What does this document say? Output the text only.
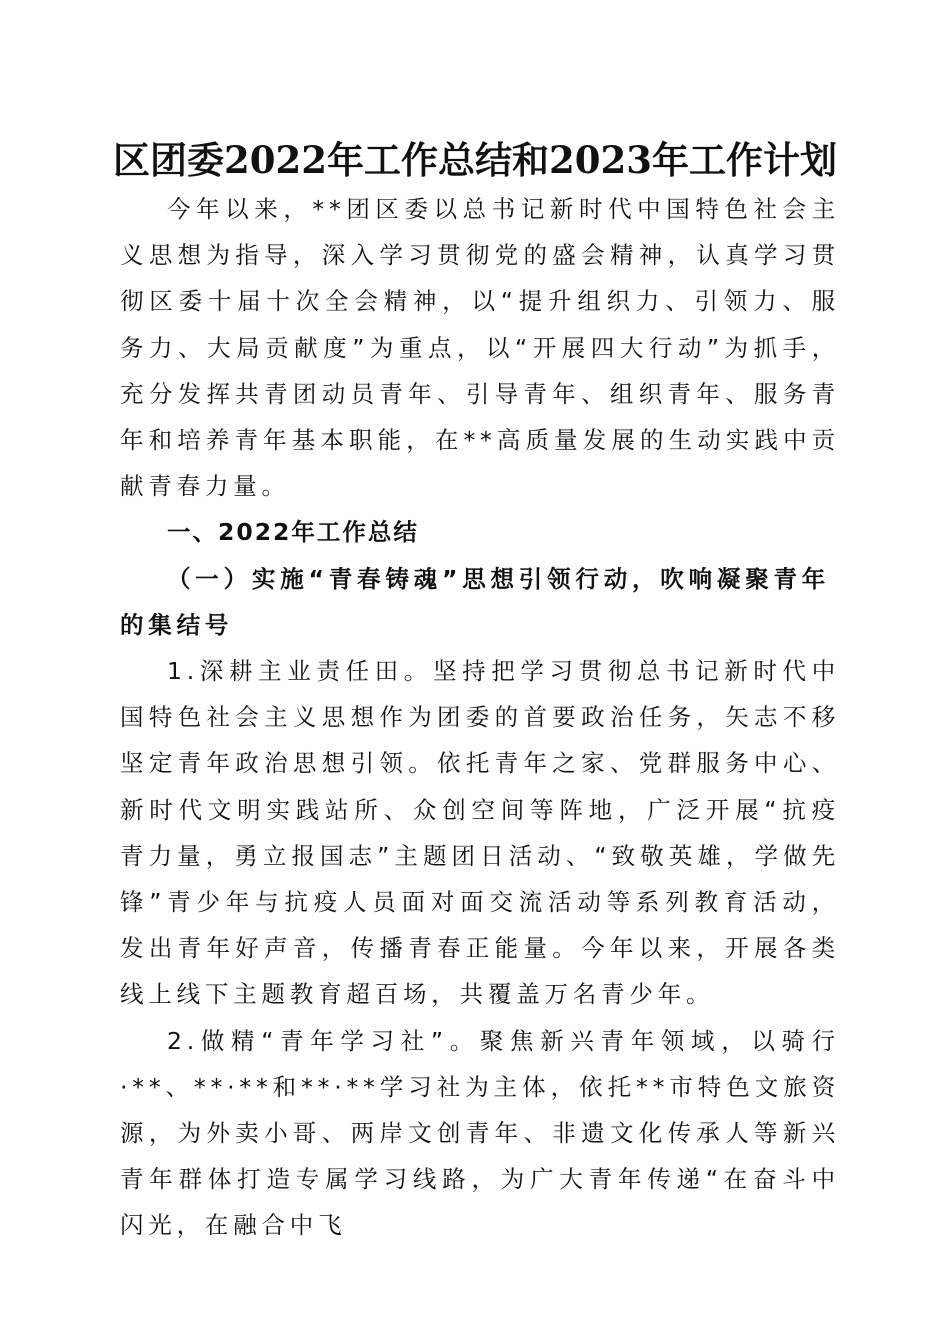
区团委2022年工作总结和2023年工作计划

今年以来，**团区委以总书记新时代中国特色社会主义思想为指导，深入学习贯彻党的盛会精神，认真学习贯彻区委十届十次全会精神，以“提升组织力、引领力、服务力、大局贡献度”为重点，以“开展四大行动”为抓手，充分发挥共青团动员青年、引导青年、组织青年、服务青年和培养青年基本职能，在**高质量发展的生动实践中贡献青春力量。

一、2022年工作总结

（一）实施“青春铸魂”思想引领行动，吹响凝聚青年的集结号

1.深耕主业责任田。坚持把学习贯彻总书记新时代中国特色社会主义思想作为团委的首要政治任务，矢志不移坚定青年政治思想引领。依托青年之家、党群服务中心、新时代文明实践站所、众创空间等阵地，广泛开展“抗疫青力量，勇立报国志”主题团日活动、“致敬英雄，学做先锋”青少年与抗疫人员面对面交流活动等系列教育活动，发出青年好声音，传播青春正能量。今年以来，开展各类线上线下主题教育超百场，共覆盖万名青少年。

2.做精“青年学习社”。聚焦新兴青年领域，以骑行·**、**·**和**·**学习社为主体，依托**市特色文旅资源，为外卖小哥、两岸文创青年、非遗文化传承人等新兴青年群体打造专属学习线路，为广大青年传递“在奋斗中闪光，在融合中飞
